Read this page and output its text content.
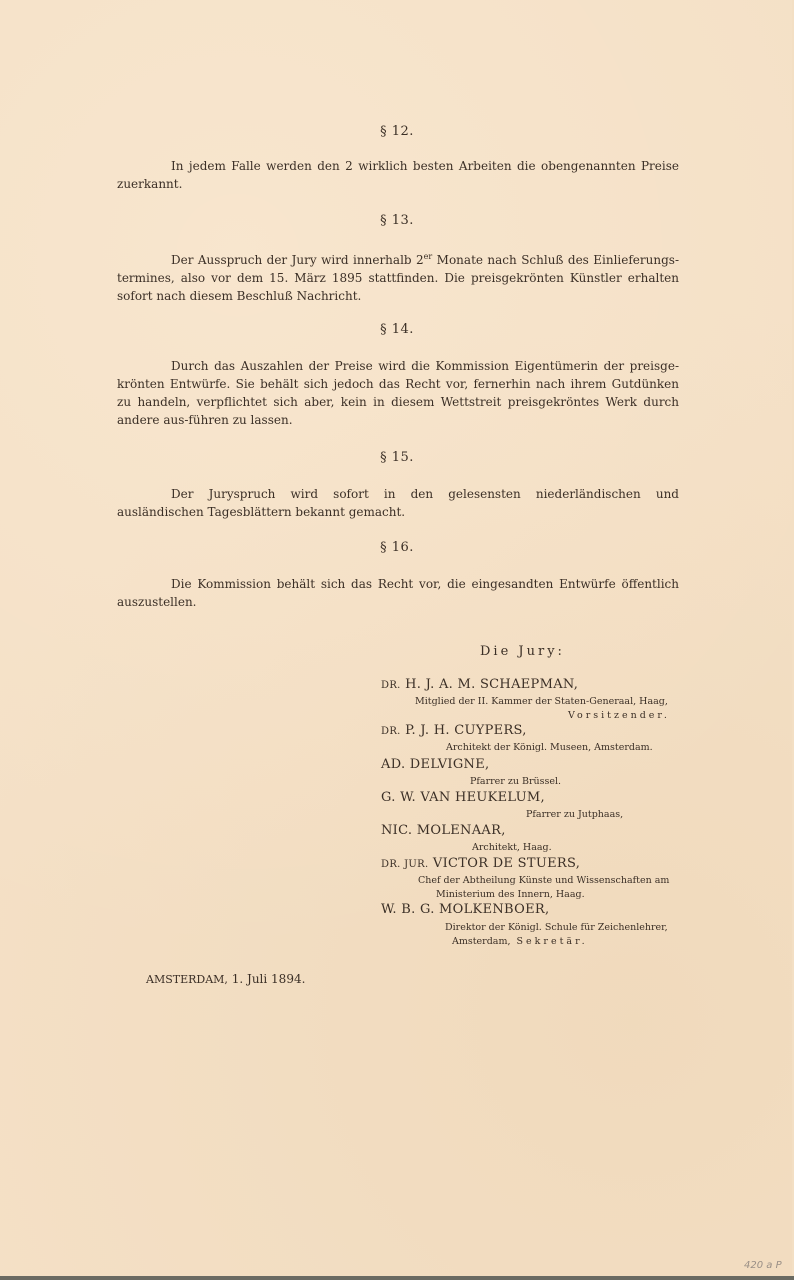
§ 12.
In jedem Falle werden den 2 wirklich besten Arbeiten die obengenannten Preise zuerkannt.
§ 13.
Der Ausspruch der Jury wird innerhalb 2er Monate nach Schluß des Einlieferungs-termines, also vor dem 15. März 1895 stattfinden. Die preisgekrönten Künstler erhalten sofort nach diesem Beschluß Nachricht.
§ 14.
Durch das Auszahlen der Preise wird die Kommission Eigentümerin der preisge-krönten Entwürfe. Sie behält sich jedoch das Recht vor, fernerhin nach ihrem Gutdünken zu handeln, verpflichtet sich aber, kein in diesem Wettstreit preisgekröntes Werk durch andere aus-führen zu lassen.
§ 15.
Der Juryspruch wird sofort in den gelesensten niederländischen und ausländischen Tagesblättern bekannt gemacht.
§ 16.
Die Kommission behält sich das Recht vor, die eingesandten Entwürfe öffentlich auszustellen.
Die Jury:
DR. H. J. A. M. SCHAEPMAN,
Mitglied der II. Kammer der Staten-Generaal, Haag,
Vorsitzender.
DR. P. J. H. CUYPERS,
Architekt der Königl. Museen, Amsterdam.
AD. DELVIGNE,
Pfarrer zu Brüssel.
G. W. VAN HEUKELUM,
Pfarrer zu Jutphaas,
NIC. MOLENAAR,
Architekt, Haag.
DR. JUR. VICTOR DE STUERS,
Chef der Abtheilung Künste und Wissenschaften am
Ministerium des Innern, Haag.
W. B. G. MOLKENBOER,
Direktor der Königl. Schule für Zeichenlehrer,
Amsterdam, Sekretär.
AMSTERDAM, 1. Juli 1894.
420 a P
